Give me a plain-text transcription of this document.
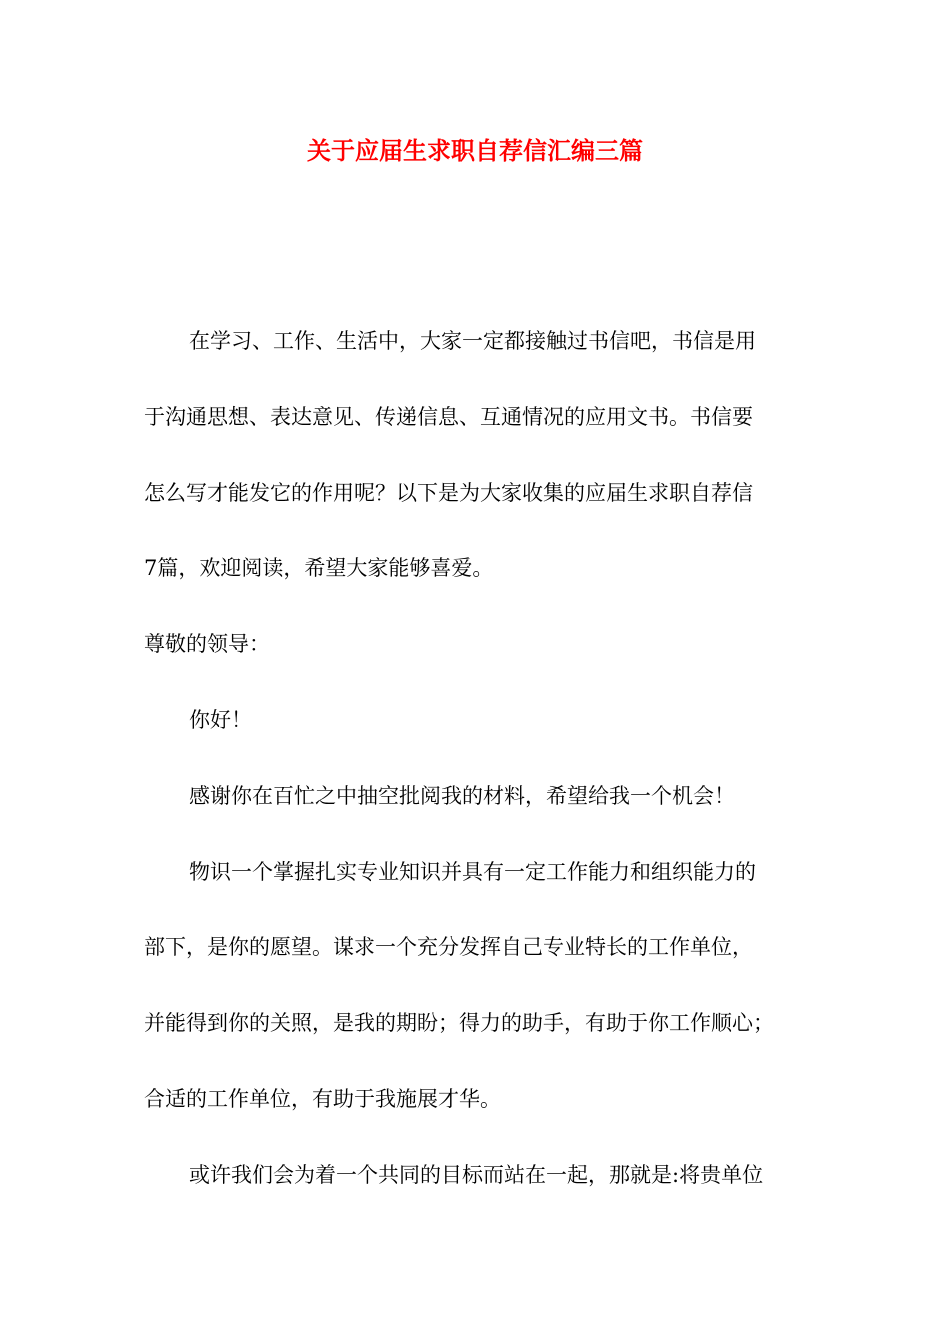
关于应届生求职自荐信汇编三篇

在学习、工作、生活中，大家一定都接触过书信吧，书信是用

于沟通思想、表达意见、传递信息、互通情况的应用文书。书信要

怎么写才能发它的作用呢？以下是为大家收集的应届生求职自荐信

7篇，欢迎阅读，希望大家能够喜爱。

尊敬的领导：

你好！

感谢你在百忙之中抽空批阅我的材料，希望给我一个机会！

物识一个掌握扎实专业知识并具有一定工作能力和组织能力的

部下，是你的愿望。谋求一个充分发挥自己专业特长的工作单位，

并能得到你的关照，是我的期盼；得力的助手，有助于你工作顺心；

合适的工作单位，有助于我施展才华。

或许我们会为着一个共同的目标而站在一起，那就是:将贵单位
